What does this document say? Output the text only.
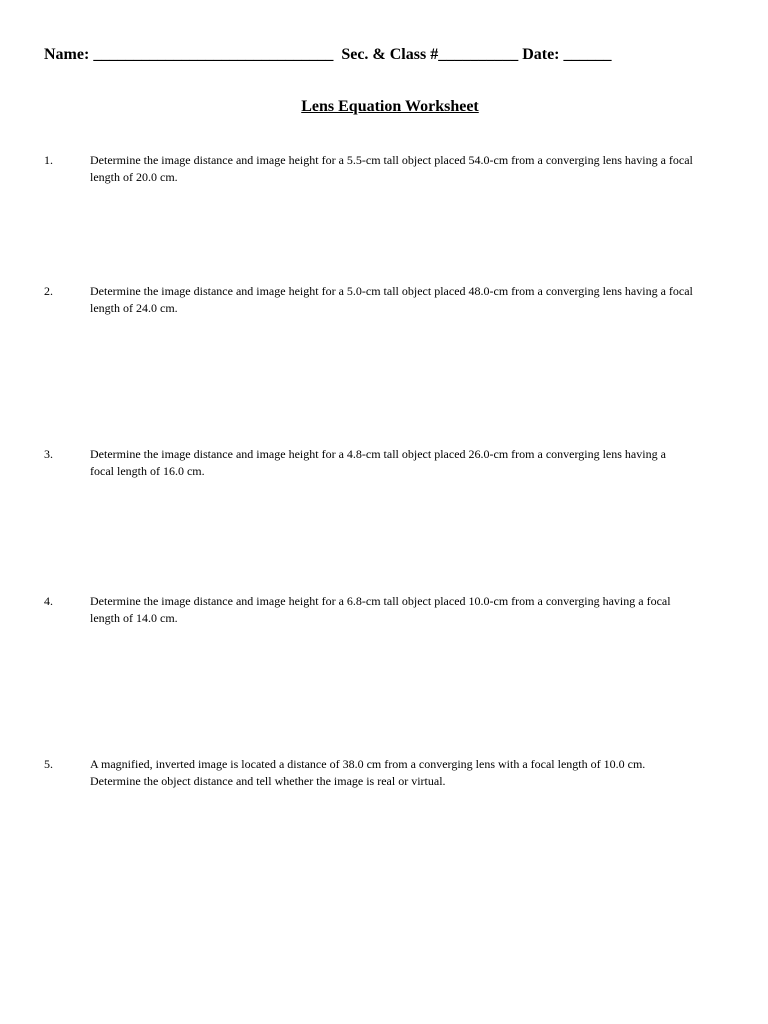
Name: ______________________________  Sec. & Class #__________ Date: ______
Lens Equation Worksheet
1.	Determine the image distance and image height for a 5.5-cm tall object placed 54.0-cm from a converging lens having a focal length of 20.0 cm.
2.	Determine the image distance and image height for a 5.0-cm tall object placed 48.0-cm from a converging lens having a focal length of 24.0 cm.
3.	Determine the image distance and image height for a 4.8-cm tall object placed 26.0-cm from a converging lens having a focal length of 16.0 cm.
4.	Determine the image distance and image height for a 6.8-cm tall object placed 10.0-cm from a converging having a focal length of 14.0 cm.
5.	A magnified, inverted image is located a distance of 38.0 cm from a converging lens with a focal length of 10.0 cm. Determine the object distance and tell whether the image is real or virtual.
